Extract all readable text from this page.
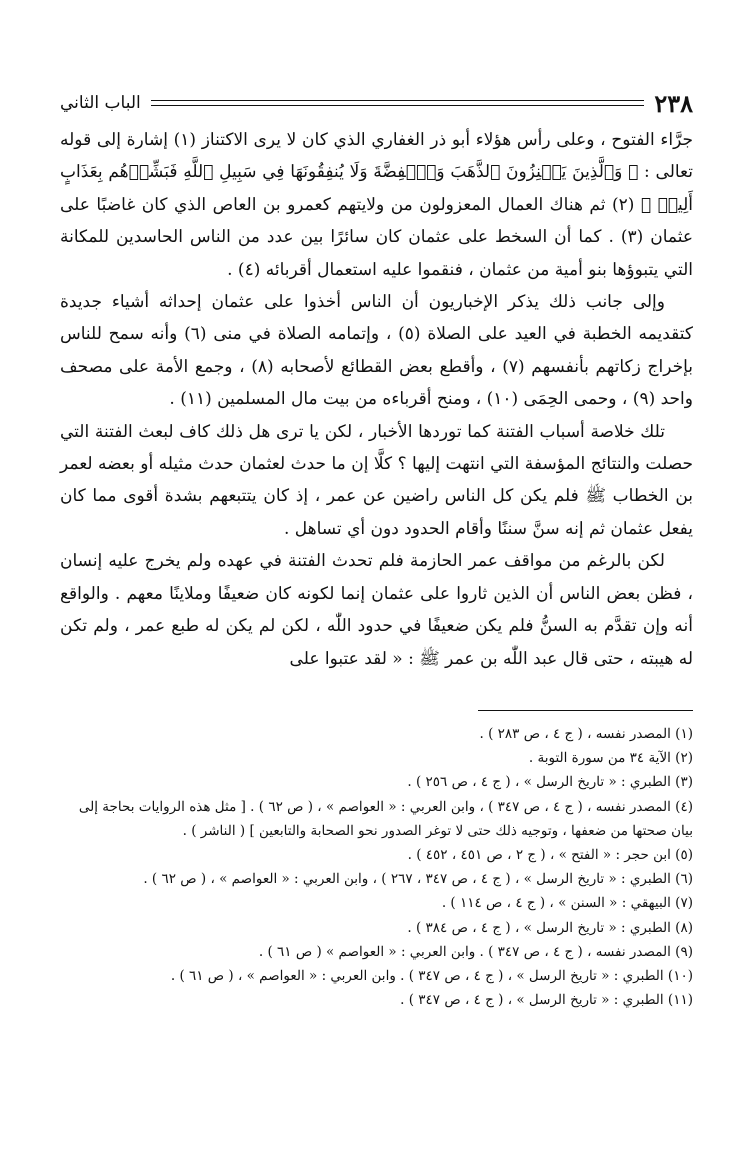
٢٣٨
الباب الثاني

جرَّاء الفتوح ، وعلى رأس هؤلاء أبو ذر الغفاري الذي كان لا يرى الاكتناز (١) إشارة إلى قوله تعالى : ﴿ وَٱلَّذِينَ يَكۡنِزُونَ ٱلذَّهَبَ وَٱلۡفِضَّةَ وَلَا يُنفِقُونَهَا فِي سَبِيلِ ٱللَّهِ فَبَشِّرۡهُم بِعَذَابٍ أَلِيمٖ ﴾ (٢) ثم هناك العمال المعزولون من ولايتهم كعمرو بن العاص الذي كان غاضبًا على عثمان (٣) . كما أن السخط على عثمان كان سائرًا بين عدد من الناس الحاسدين للمكانة التي يتبوؤها بنو أمية من عثمان ، فنقموا عليه استعمال أقربائه (٤) .

وإلى جانب ذلك يذكر الإخباريون أن الناس أخذوا على عثمان إحداثه أشياء جديدة كتقديمه الخطبة في العيد على الصلاة (٥) ، وإتمامه الصلاة في منى (٦) وأنه سمح للناس بإخراج زكاتهم بأنفسهم (٧) ، وأقطع بعض القطائع لأصحابه (٨) ، وجمع الأمة على مصحف واحد (٩) ، وحمى الحِمَى (١٠) ، ومنح أقرباءه من بيت مال المسلمين (١١) .

تلك خلاصة أسباب الفتنة كما توردها الأخبار ، لكن يا ترى هل ذلك كاف لبعث الفتنة التي حصلت والنتائج المؤسفة التي انتهت إليها ؟ كلَّا إن ما حدث لعثمان حدث مثيله أو بعضه لعمر بن الخطاب ﷺ فلم يكن كل الناس راضين عن عمر ، إذ كان يتتبعهم بشدة أقوى مما كان يفعل عثمان ثم إنه سنَّ سننًا وأقام الحدود دون أي تساهل .

لكن بالرغم من مواقف عمر الحازمة فلم تحدث الفتنة في عهده ولم يخرج عليه إنسان ، فظن بعض الناس أن الذين ثاروا على عثمان إنما لكونه كان ضعيفًا وملاينًا معهم . والواقع أنه وإن تقدَّم به السنُّ فلم يكن ضعيفًا في حدود اللّٰه ، لكن لم يكن له طبع عمر ، ولم تكن له هيبته ، حتى قال عبد اللّٰه بن عمر ﷺ : « لقد عتبوا على

(١) المصدر نفسه ، ( ج ٤ ، ص ٢٨٣ ) .
(٢) الآية ٣٤ من سورة التوبة .
(٣) الطبري : « تاريخ الرسل » ، ( ج ٤ ، ص ٢٥٦ ) .
(٤) المصدر نفسه ، ( ج ٤ ، ص ٣٤٧ ) ، وابن العربي : « العواصم » ، ( ص ٦٢ ) . [ مثل هذه الروايات بحاجة إلى بيان صحتها من ضعفها ، وتوجيه ذلك حتى لا توغر الصدور نحو الصحابة والتابعين ] ( الناشر ) .
(٥) ابن حجر : « الفتح » ، ( ج ٢ ، ص ٤٥١ ، ٤٥٢ ) .
(٦) الطبري : « تاريخ الرسل » ، ( ج ٤ ، ص ٣٤٧ ، ٢٦٧ ) ، وابن العربي : « العواصم » ، ( ص ٦٢ ) .
(٧) البيهقي : « السنن » ، ( ج ٤ ، ص ١١٤ ) .
(٨) الطبري : « تاريخ الرسل » ، ( ج ٤ ، ص ٣٨٤ ) .
(٩) المصدر نفسه ، ( ج ٤ ، ص ٣٤٧ ) . وابن العربي : « العواصم » ( ص ٦١ ) .
(١٠) الطبري : « تاريخ الرسل » ، ( ج ٤ ، ص ٣٤٧ ) . وابن العربي : « العواصم » ، ( ص ٦١ ) .
(١١) الطبري : « تاريخ الرسل » ، ( ج ٤ ، ص ٣٤٧ ) .
